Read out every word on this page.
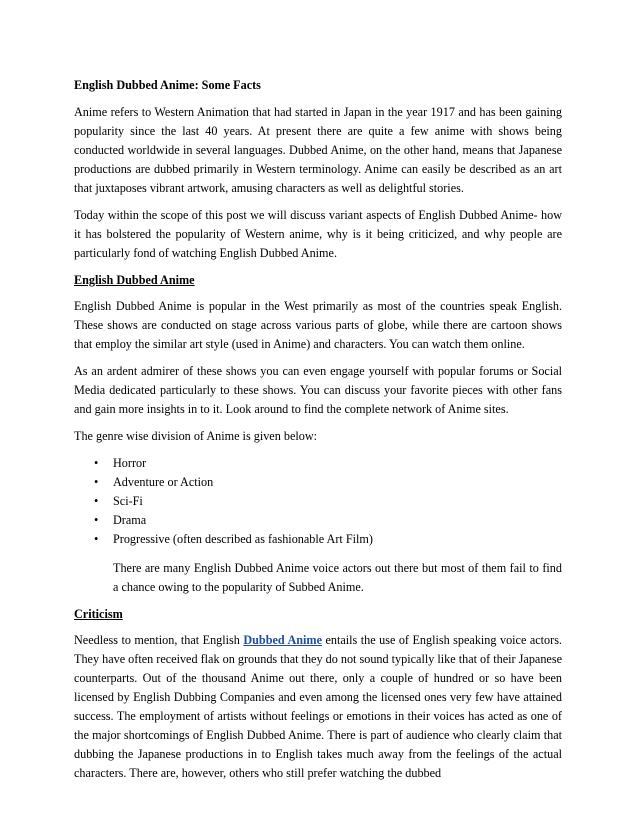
English Dubbed Anime: Some Facts

Anime refers to Western Animation that had started in Japan in the year 1917 and has been gaining popularity since the last 40 years. At present there are quite a few anime with shows being conducted worldwide in several languages. Dubbed Anime, on the other hand, means that Japanese productions are dubbed primarily in Western terminology. Anime can easily be described as an art that juxtaposes vibrant artwork, amusing characters as well as delightful stories.

Today within the scope of this post we will discuss variant aspects of English Dubbed Anime- how it has bolstered the popularity of Western anime, why is it being criticized, and why people are particularly fond of watching English Dubbed Anime.

English Dubbed Anime

English Dubbed Anime is popular in the West primarily as most of the countries speak English. These shows are conducted on stage across various parts of globe, while there are cartoon shows that employ the similar art style (used in Anime) and characters. You can watch them online.

As an ardent admirer of these shows you can even engage yourself with popular forums or Social Media dedicated particularly to these shows. You can discuss your favorite pieces with other fans and gain more insights in to it. Look around to find the complete network of Anime sites.

The genre wise division of Anime is given below:

• Horror
• Adventure or Action
• Sci-Fi
• Drama
• Progressive (often described as fashionable Art Film)

There are many English Dubbed Anime voice actors out there but most of them fail to find a chance owing to the popularity of Subbed Anime.

Criticism

Needless to mention, that English Dubbed Anime entails the use of English speaking voice actors. They have often received flak on grounds that they do not sound typically like that of their Japanese counterparts. Out of the thousand Anime out there, only a couple of hundred or so have been licensed by English Dubbing Companies and even among the licensed ones very few have attained success. The employment of artists without feelings or emotions in their voices has acted as one of the major shortcomings of English Dubbed Anime. There is part of audience who clearly claim that dubbing the Japanese productions in to English takes much away from the feelings of the actual characters. There are, however, others who still prefer watching the dubbed
